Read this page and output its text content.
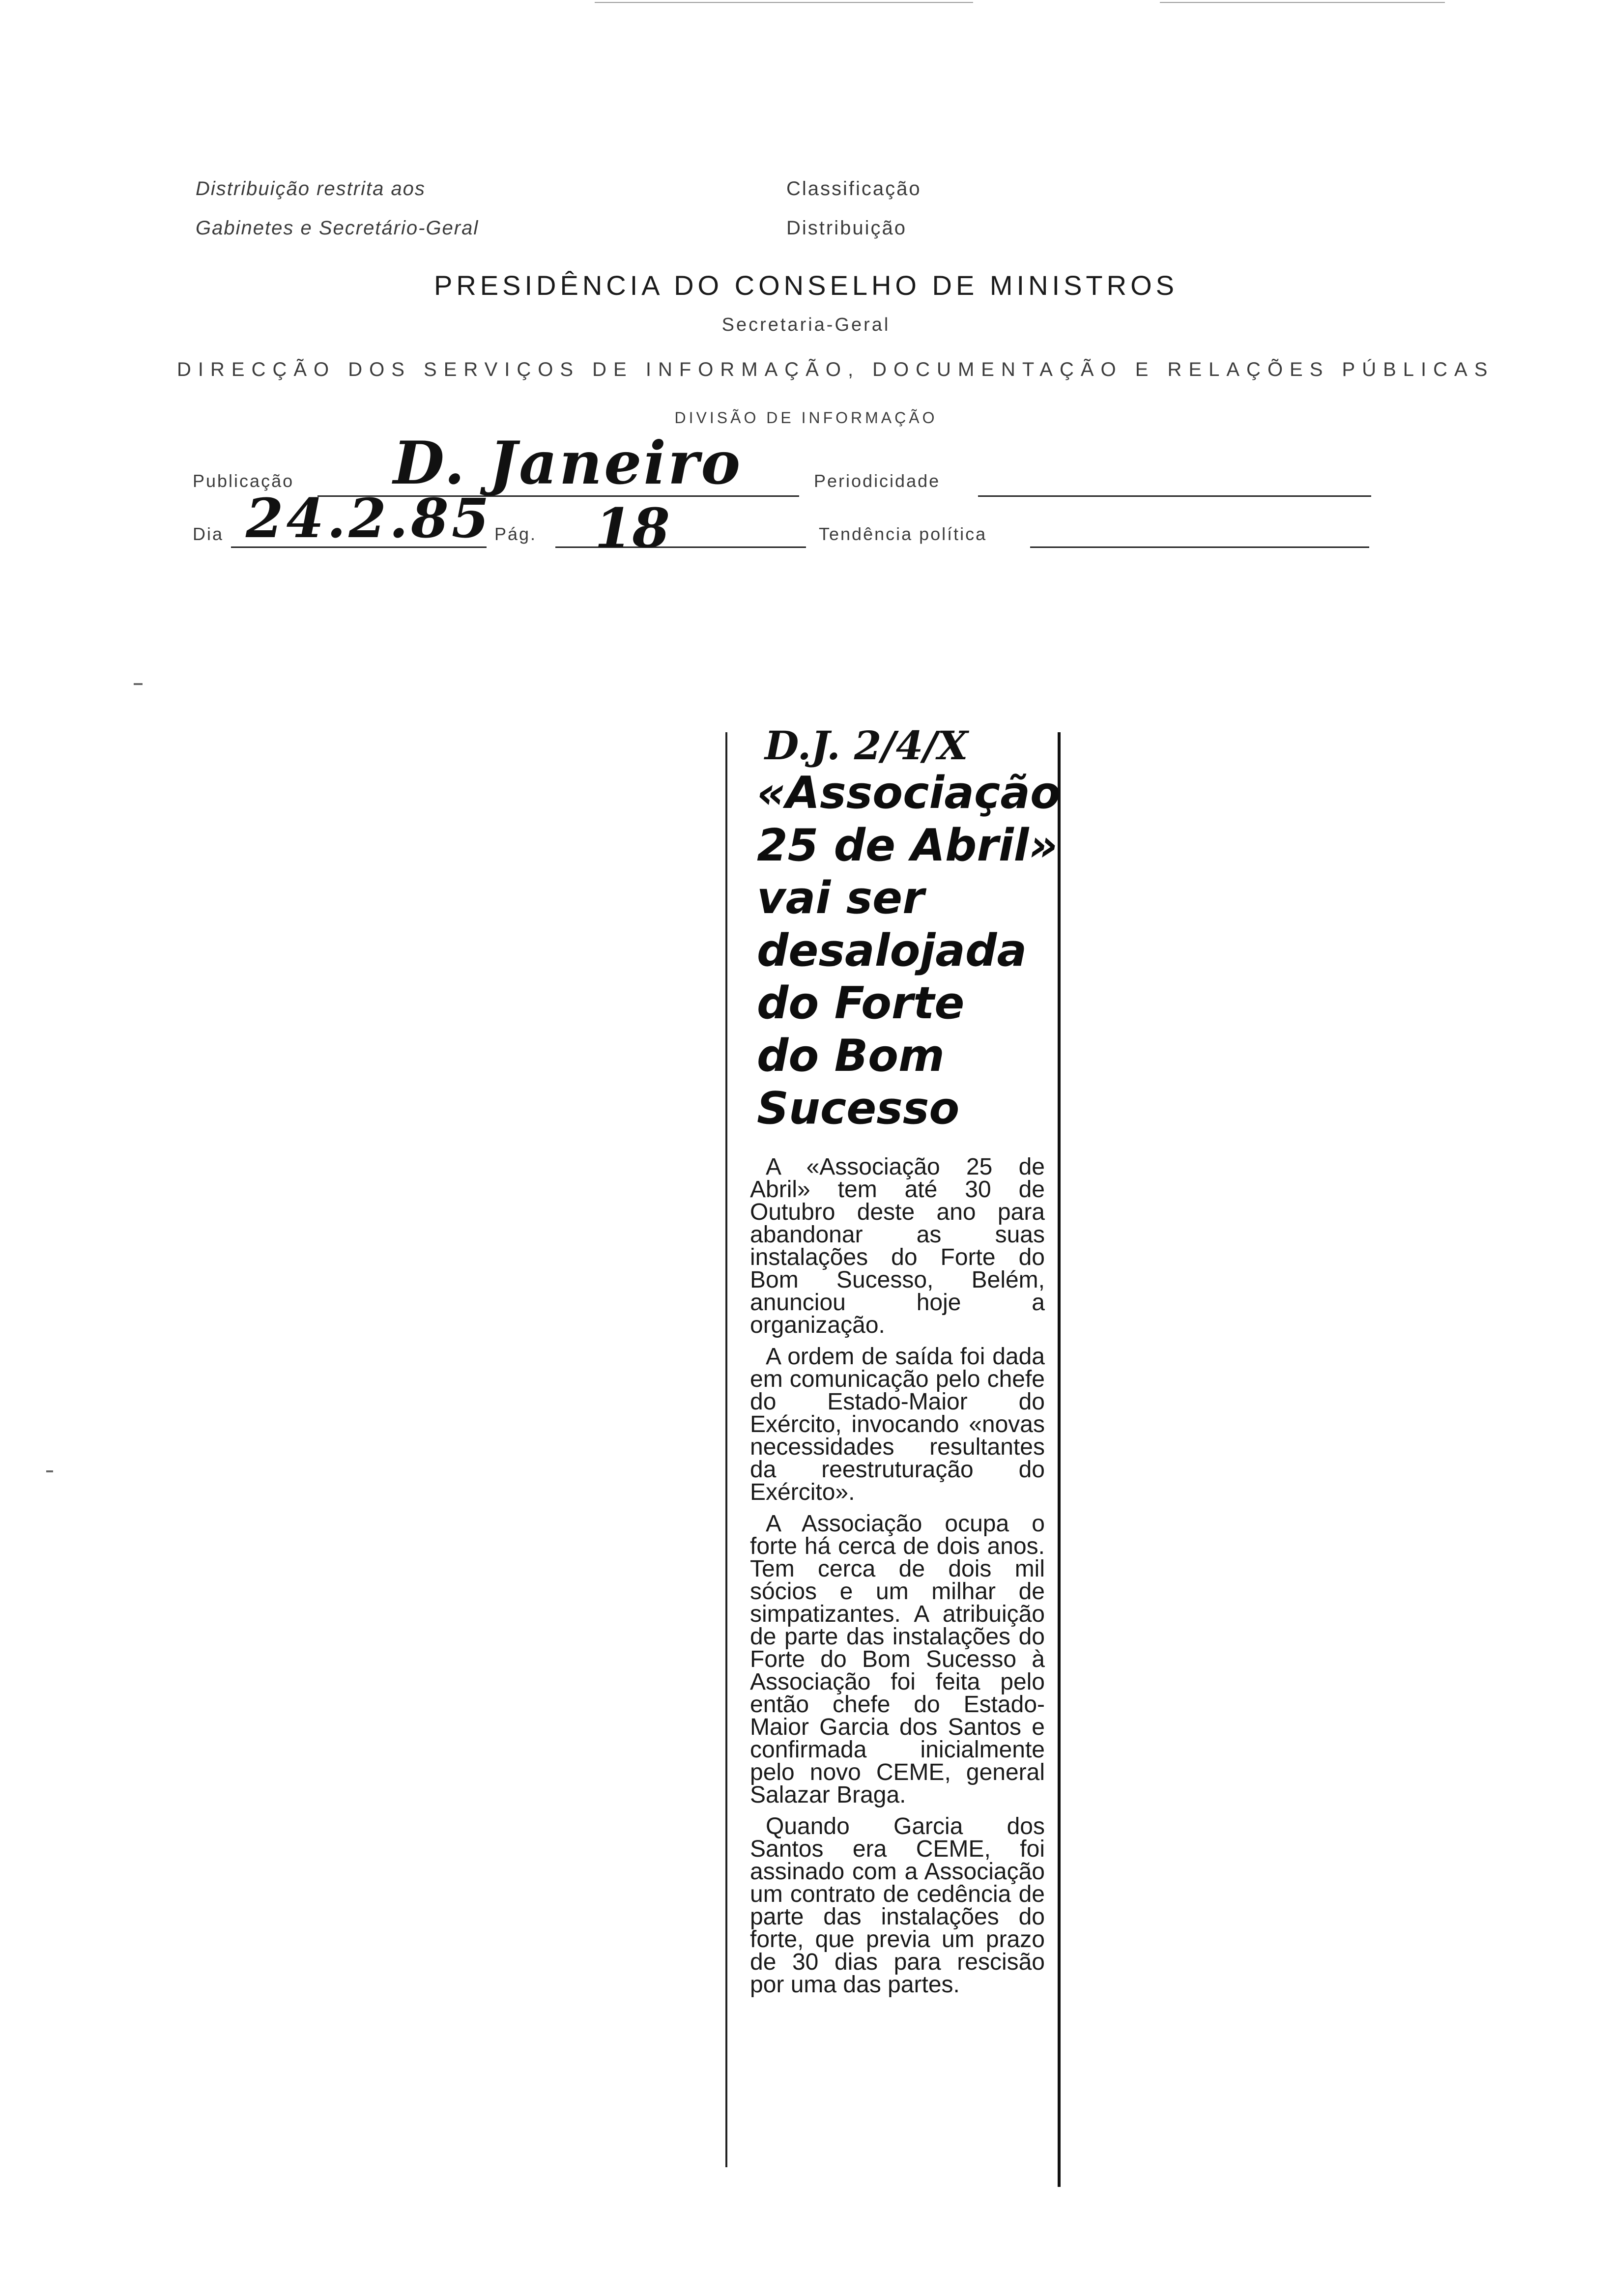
Distribuição restrita aos
Gabinetes e Secretário-Geral
Classificação
Distribuição
PRESIDÊNCIA DO CONSELHO DE MINISTROS
Secretaria-Geral
DIRECÇÃO DOS SERVIÇOS DE INFORMAÇÃO, DOCUMENTAÇÃO E RELAÇÕES PÚBLICAS
DIVISÃO DE INFORMAÇÃO
Publicação D. Janeiro	Periodicidade
Dia 24.2.85 Pág. 18	Tendência política
D.J. 2/4/X
«Associação
25 de Abril»
vai ser
desalojada
do Forte
do Bom
Sucesso

A «Associação 25 de Abril» tem até 30 de Outubro deste ano para abandonar as suas instalações do Forte do Bom Sucesso, Belém, anunciou hoje a organização.

A ordem de saída foi dada em comunicação pelo chefe do Estado-Maior do Exército, invocando «novas necessidades resultantes da reestruturação do Exército».

A Associação ocupa o forte há cerca de dois anos. Tem cerca de dois mil sócios e um milhar de simpatizantes. A atribuição de parte das instalações do Forte do Bom Sucesso à Associação foi feita pelo então chefe do Estado-Maior Garcia dos Santos e confirmada inicialmente pelo novo CEME, general Salazar Braga.

Quando Garcia dos Santos era CEME, foi assinado com a Associação um contrato de cedência de parte das instalações do forte, que previa um prazo de 30 dias para rescisão por uma das partes.
